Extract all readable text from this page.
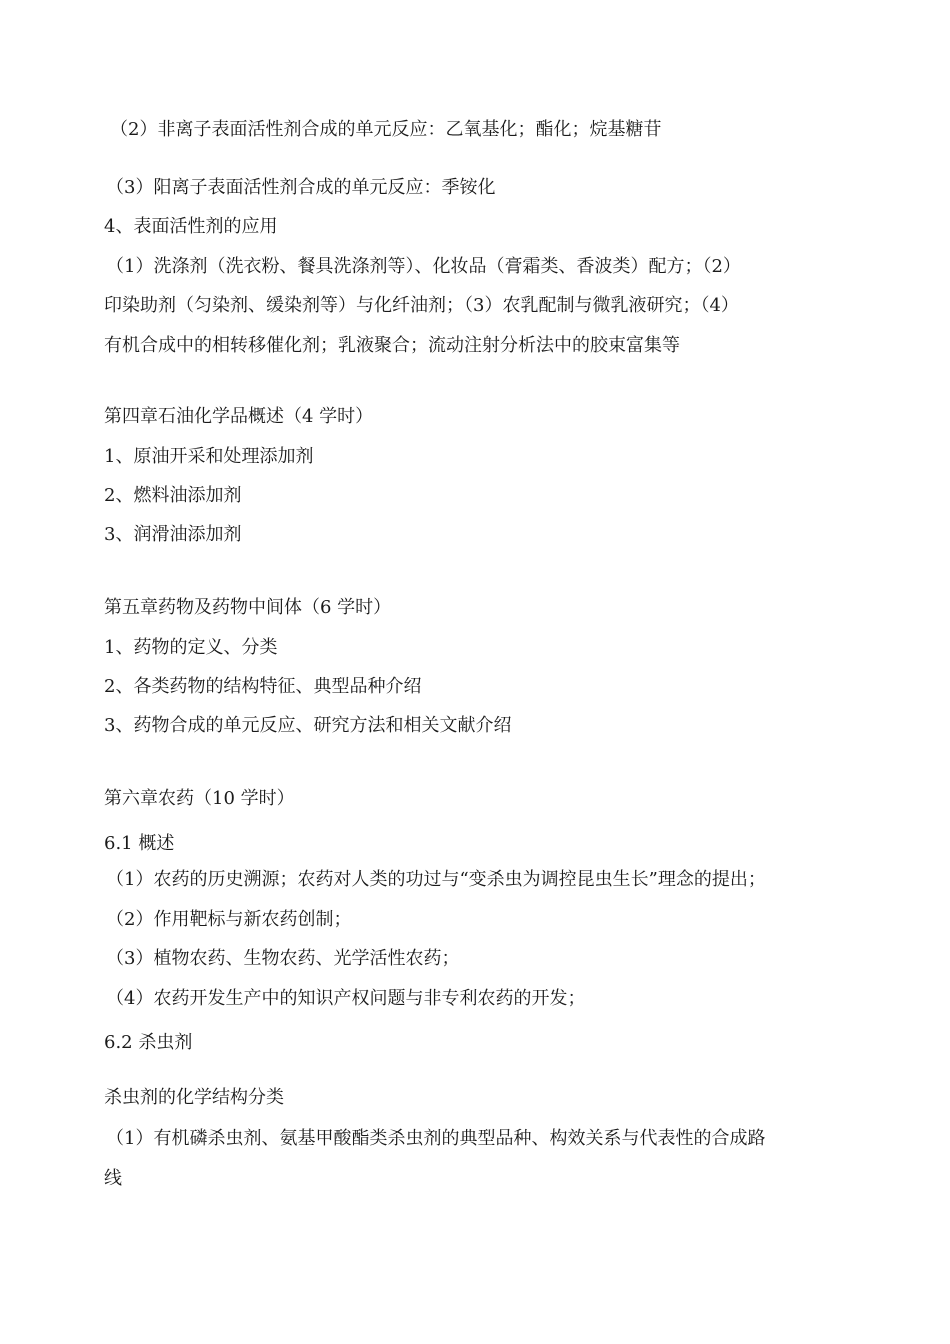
（2）非离子表面活性剂合成的单元反应：乙氧基化；酯化；烷基糖苷
（3）阳离子表面活性剂合成的单元反应：季铵化
4、表面活性剂的应用
（1）洗涤剂（洗衣粉、餐具洗涤剂等）、化妆品（膏霜类、香波类）配方；（2）
印染助剂（匀染剂、缓染剂等）与化纤油剂；（3）农乳配制与微乳液研究；（4）
有机合成中的相转移催化剂；乳液聚合；流动注射分析法中的胶束富集等
第四章石油化学品概述（4 学时）
1、原油开采和处理添加剂
2、燃料油添加剂
3、润滑油添加剂
第五章药物及药物中间体（6 学时）
1、药物的定义、分类
2、各类药物的结构特征、典型品种介绍
3、药物合成的单元反应、研究方法和相关文献介绍
第六章农药（10 学时）
6.1 概述
（1）农药的历史溯源；农药对人类的功过与“变杀虫为调控昆虫生长”理念的提出；
（2）作用靶标与新农药创制；
（3）植物农药、生物农药、光学活性农药；
（4）农药开发生产中的知识产权问题与非专利农药的开发；
6.2 杀虫剂
杀虫剂的化学结构分类
（1）有机磷杀虫剂、氨基甲酸酯类杀虫剂的典型品种、构效关系与代表性的合成路
线
